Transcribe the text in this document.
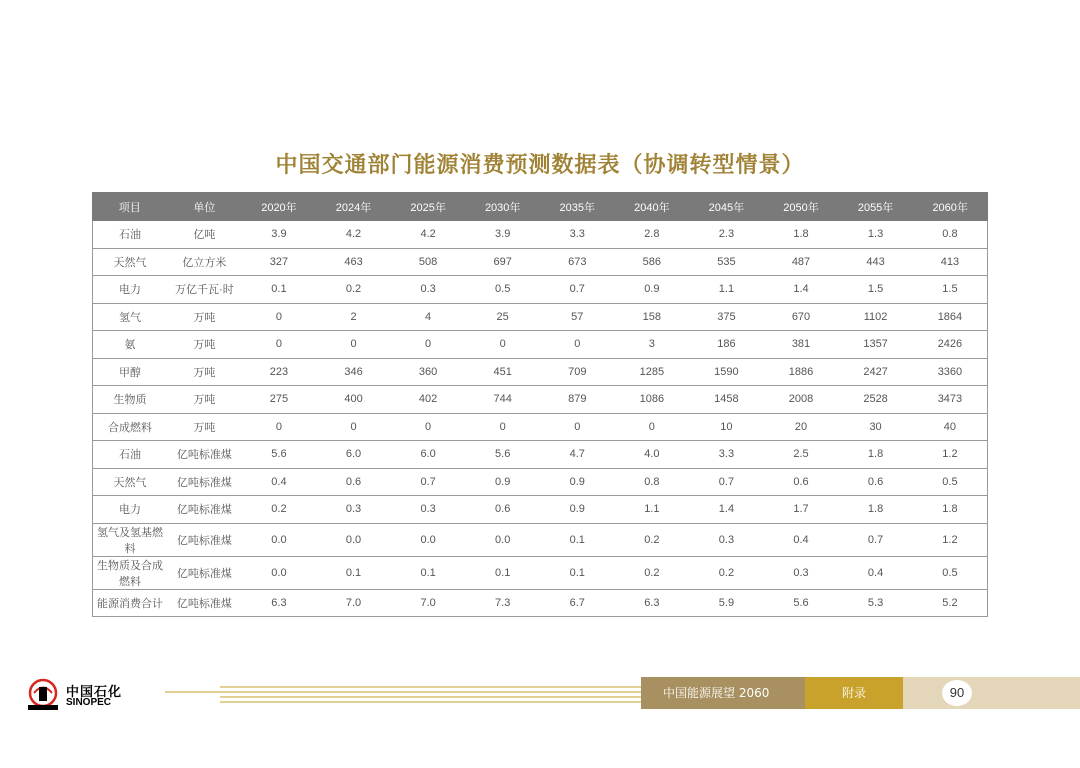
中国交通部门能源消费预测数据表（协调转型情景）
项目	单位	2020年	2024年	2025年	2030年	2035年	2040年	2045年	2050年	2055年	2060年
石油	亿吨	3.9	4.2	4.2	3.9	3.3	2.8	2.3	1.8	1.3	0.8
天然气	亿立方米	327	463	508	697	673	586	535	487	443	413
电力	万亿千瓦·时	0.1	0.2	0.3	0.5	0.7	0.9	1.1	1.4	1.5	1.5
氢气	万吨	0	2	4	25	57	158	375	670	1102	1864
氨	万吨	0	0	0	0	0	3	186	381	1357	2426
甲醇	万吨	223	346	360	451	709	1285	1590	1886	2427	3360
生物质	万吨	275	400	402	744	879	1086	1458	2008	2528	3473
合成燃料	万吨	0	0	0	0	0	0	10	20	30	40
石油	亿吨标准煤	5.6	6.0	6.0	5.6	4.7	4.0	3.3	2.5	1.8	1.2
天然气	亿吨标准煤	0.4	0.6	0.7	0.9	0.9	0.8	0.7	0.6	0.6	0.5
电力	亿吨标准煤	0.2	0.3	0.3	0.6	0.9	1.1	1.4	1.7	1.8	1.8
氢气及氢基燃料	亿吨标准煤	0.0	0.0	0.0	0.0	0.1	0.2	0.3	0.4	0.7	1.2
生物质及合成燃料	亿吨标准煤	0.0	0.1	0.1	0.1	0.1	0.2	0.2	0.3	0.4	0.5
能源消费合计	亿吨标准煤	6.3	7.0	7.0	7.3	6.7	6.3	5.9	5.6	5.3	5.2
中国石化
SINOPEC
中国能源展望 2060	附录	90
